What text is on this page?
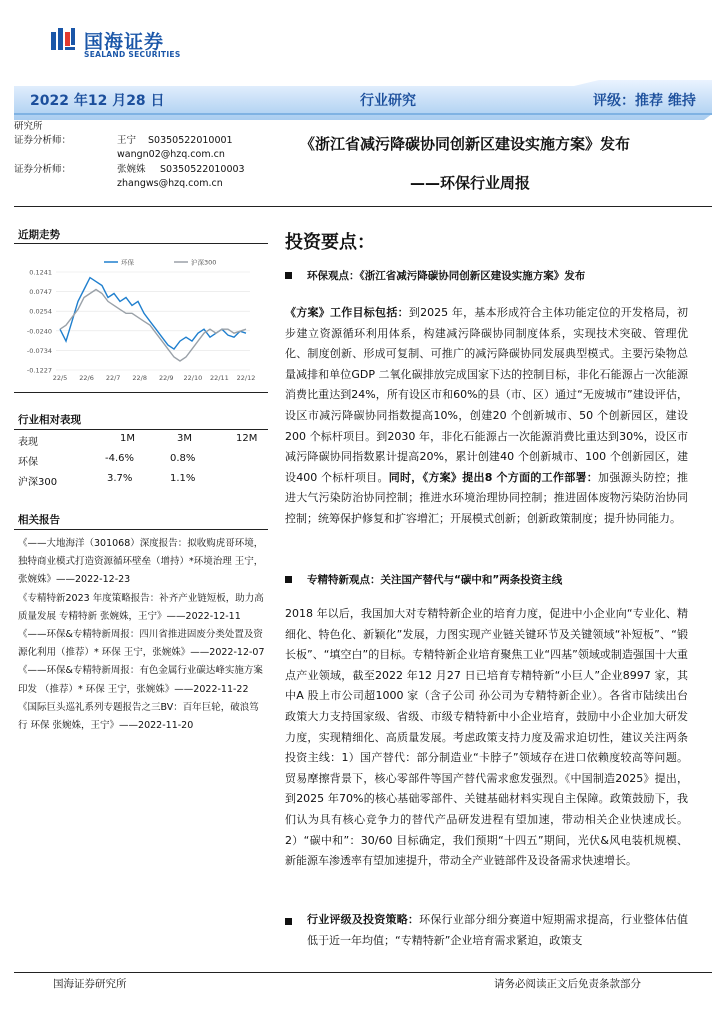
国海证券
SEALAND SECURITIES
2022 年12 月28 日	行业研究	评级：推荐 维持
研究所
证券分析师：	王宁 S0350522010001
wangn02@hzq.com.cn
证券分析师：	张婉姝 S0350522010003
zhangws@hzq.com.cn
《浙江省减污降碳协同创新区建设实施方案》发布
——环保行业周报
近期走势
0.1241
0.0747
0.0254
-0.0240
-0.0734
-0.1227
22/5 22/6 22/7 22/8 22/9 22/10 22/11 22/12
环保	沪深300
行业相对表现
表现	1M	3M	12M
环保	-4.6%	0.8%
沪深300	3.7%	1.1%
相关报告

《——大地海洋（301068）深度报告：拟收购虎哥环境，独特商业模式打造资源循环壁垒（增持）*环境治理 王宁，张婉姝》——2022-12-23

《专精特新2023 年度策略报告：补齐产业链短板，助力高质量发展 专精特新 张婉姝，王宁》——2022-12-11

《——环保&专精特新周报：四川省推进固废分类处置及资源化利用（推荐）* 环保 王宁，张婉姝》——2022-12-07

《——环保&专精特新周报：有色金属行业碳达峰实施方案印发 （推荐）* 环保 王宁，张婉姝》——2022-11-22

《国际巨头巡礼系列专题报告之三BV：百年巨轮，破浪笃行 环保 张婉姝，王宁》——2022-11-20

投资要点：
环保观点：《浙江省减污降碳协同创新区建设实施方案》发布
《方案》工作目标包括：到2025 年，基本形成符合主体功能定位的开发格局，初步建立资源循环利用体系，构建减污降碳协同制度体系，实现技术突破、管理优化、制度创新、形成可复制、可推广的减污降碳协同发展典型模式。主要污染物总量减排和单位GDP 二氧化碳排放完成国家下达的控制目标，非化石能源占一次能源消费比重达到24%，所有设区市和60%的县（市、区）通过“无废城市”建设评估，设区市减污降碳协同指数提高10%，创建20 个创新城市、50 个创新园区，建设200 个标杆项目。到2030 年，非化石能源占一次能源消费比重达到30%，设区市减污降碳协同指数累计提高20%，累计创建40 个创新城市、100 个创新园区，建设400 个标杆项目。同时，《方案》提出8 个方面的工作部署：加强源头防控；推进大气污染防治协同控制；推进水环境治理协同控制；推进固体废物污染防治协同控制；统筹保护修复和扩容增汇；开展模式创新；创新政策制度；提升协同能力。
专精特新观点：关注国产替代与“碳中和”两条投资主线
2018 年以后，我国加大对专精特新企业的培育力度，促进中小企业向“专业化、精细化、特色化、新颖化”发展，力图实现产业链关键环节及关键领域“补短板”、“锻长板”、“填空白”的目标。专精特新企业培育聚焦工业“四基”领域或制造强国十大重点产业领域，截至2022 年12 月27 日已培育专精特新“小巨人”企业8997 家，其中A 股上市公司超1000 家（含子公司 孙公司为专精特新企业）。各省市陆续出台政策大力支持国家级、省级、市级专精特新中小企业培育，鼓励中小企业加大研发力度，实现精细化、高质量发展。考虑政策支持力度及需求迫切性，建议关注两条投资主线：1）国产替代：部分制造业“卡脖子”领域存在进口依赖度较高等问题。贸易摩擦背景下，核心零部件等国产替代需求愈发强烈。《中国制造2025》提出，到2025 年70%的核心基础零部件、关键基础材料实现自主保障。政策鼓励下，我们认为具有核心竞争力的替代产品研发进程有望加速，带动相关企业快速成长。2）“碳中和”：30/60 目标确定，我们预期“十四五”期间，光伏&风电装机规模、新能源车渗透率有望加速提升，带动全产业链部件及设备需求快速增长。
行业评级及投资策略：环保行业部分细分赛道中短期需求提高，行业整体估值低于近一年均值；“专精特新”企业培育需求紧迫，政策支
国海证券研究所	请务必阅读正文后免责条款部分
